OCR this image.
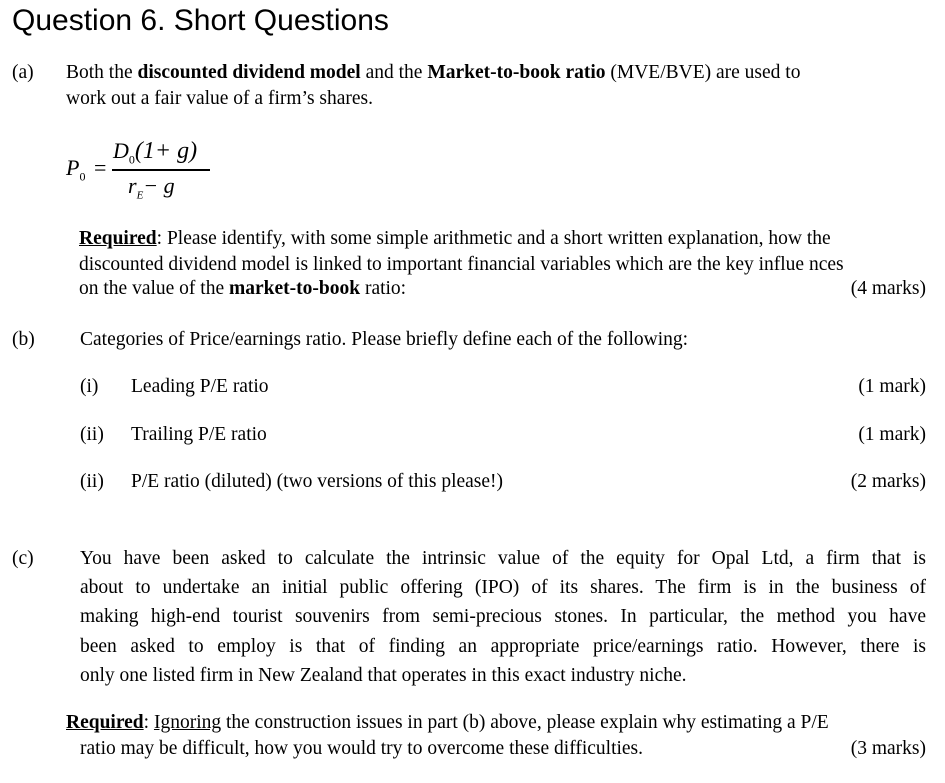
Question 6. Short Questions
(a) Both the discounted dividend model and the Market-to-book ratio (MVE/BVE) are used to
work out a fair value of a firm’s shares.
$P_0$ =
$D_0(1+ g)$
$r_E- g$
Required: Please identify, with some simple arithmetic and a short written explanation, how the
discounted dividend model is linked to important financial variables which are the key influe nces
on the value of the market-to-book ratio:	(4 marks)
(b) Categories of Price/earnings ratio. Please briefly define each of the following:
(i) Leading P/E ratio	(1 mark)
(ii) Trailing P/E ratio	(1 mark)
(ii) P/E ratio (diluted) (two versions of this please!)	(2 marks)
(c) You have been asked to calculate the intrinsic value of the equity for Opal Ltd, a firm that is
about to undertake an initial public offering (IPO) of its shares. The firm is in the business of
making high-end tourist souvenirs from semi-precious stones. In particular, the method you have
been asked to employ is that of finding an appropriate price/earnings ratio. However, there is
only one listed firm in New Zealand that operates in this exact industry niche.
Required: Ignoring the construction issues in part (b) above, please explain why estimating a P/E
ratio may be difficult, how you would try to overcome these difficulties.	(3 marks)
